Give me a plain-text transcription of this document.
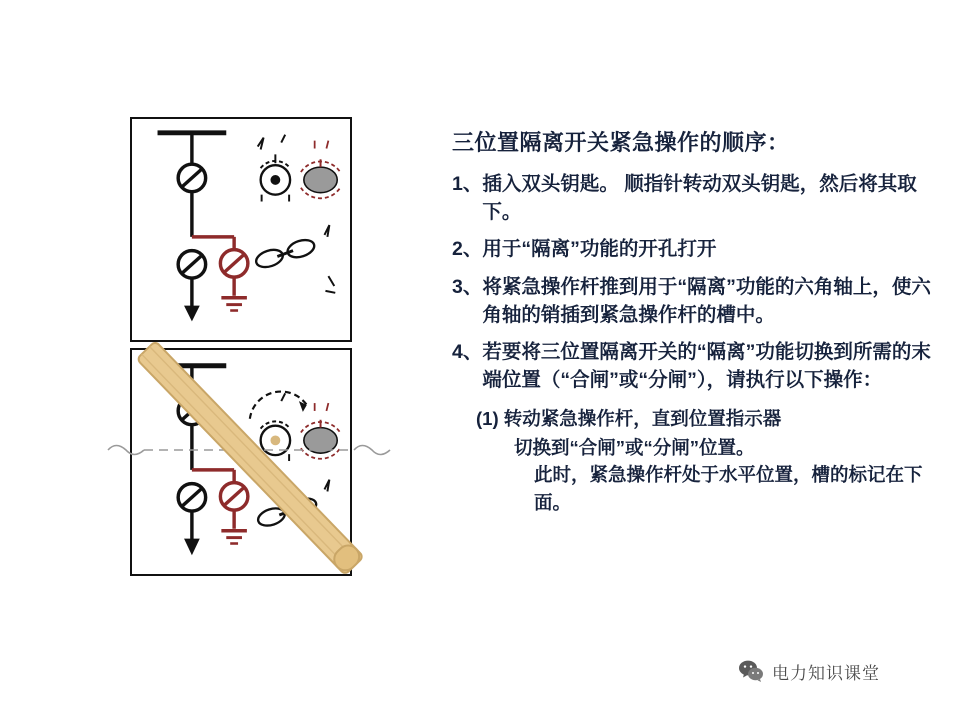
三位置隔离开关紧急操作的顺序：
1、 插入双头钥匙。 顺指针转动双头钥匙，然后将其取下。
2、 用于“隔离”功能的开孔打开
3、 将紧急操作杆推到用于“隔离”功能的六角轴上，使六角轴的销插到紧急操作杆的槽中。
4、 若要将三位置隔离开关的“隔离”功能切换到所需的末端位置（“合闸”或“分闸”），请执行以下操作：
(1) 转动紧急操作杆，直到位置指示器
切换到“合闸”或“分闸”位置。
此时，紧急操作杆处于水平位置，槽的标记在下面。
电力知识课堂
